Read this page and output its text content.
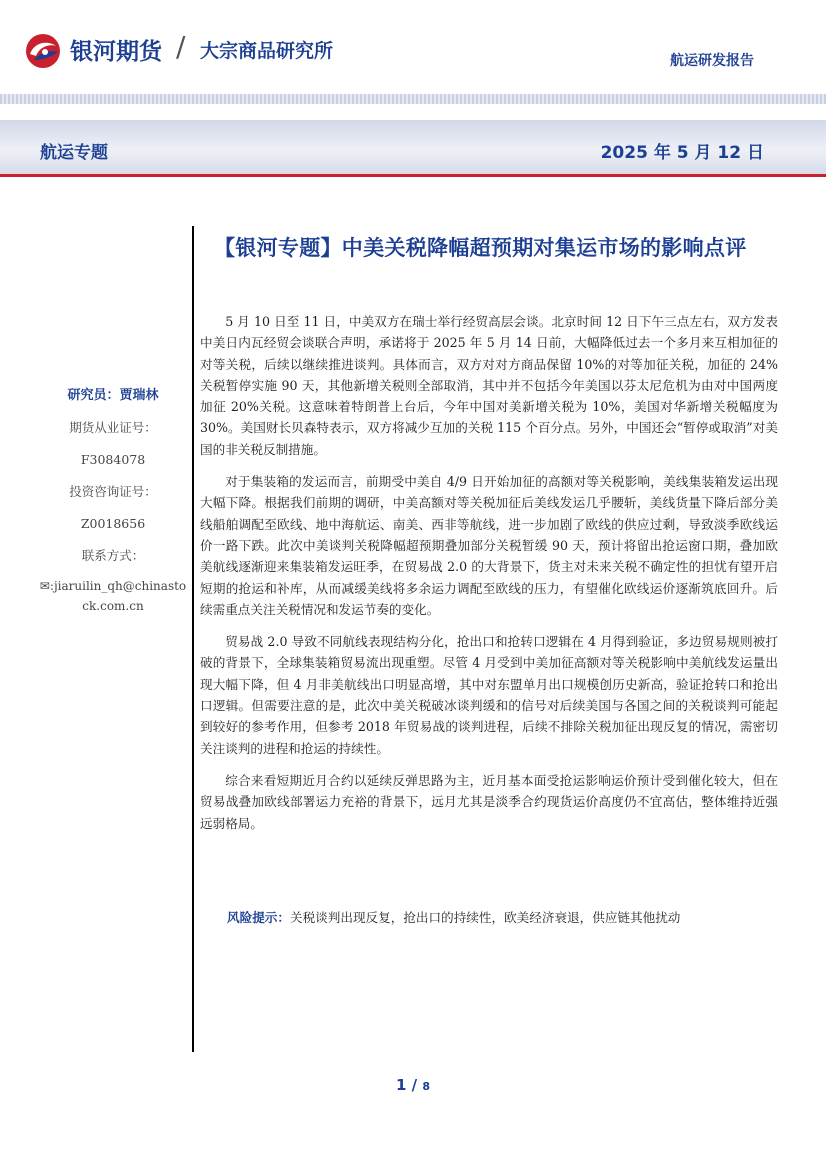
银河期货 / 大宗商品研究所	航运研发报告
航运专题	2025 年 5 月 12 日
【银河专题】中美关税降幅超预期对集运市场的影响点评
研究员：贾瑞林
期货从业证号：
F3084078
投资咨询证号：
Z0018656
联系方式：
✉:jiaruilin_qh@chinastock.com.cn

5 月 10 日至 11 日，中美双方在瑞士举行经贸高层会谈。北京时间 12 日下午三点左右，双方发表中美日内瓦经贸会谈联合声明，承诺将于 2025 年 5 月 14 日前，大幅降低过去一个多月来互相加征的对等关税，后续以继续推进谈判。具体而言，双方对对方商品保留 10%的对等加征关税，加征的 24%关税暂停实施 90 天，其他新增关税则全部取消，其中并不包括今年美国以芬太尼危机为由对中国两度加征 20%关税。这意味着特朗普上台后，今年中国对美新增关税为 10%，美国对华新增关税幅度为 30%。美国财长贝森特表示，双方将减少互加的关税 115 个百分点。另外，中国还会“暂停或取消”对美国的非关税反制措施。

对于集装箱的发运而言，前期受中美自 4/9 日开始加征的高额对等关税影响，美线集装箱发运出现大幅下降。根据我们前期的调研，中美高额对等关税加征后美线发运几乎腰斩，美线货量下降后部分美线船舶调配至欧线、地中海航运、南美、西非等航线，进一步加剧了欧线的供应过剩，导致淡季欧线运价一路下跌。此次中美谈判关税降幅超预期叠加部分关税暂缓 90 天，预计将留出抢运窗口期，叠加欧美航线逐渐迎来集装箱发运旺季，在贸易战 2.0 的大背景下，货主对未来关税不确定性的担忧有望开启短期的抢运和补库，从而减缓美线将多余运力调配至欧线的压力，有望催化欧线运价逐渐筑底回升。后续需重点关注关税情况和发运节奏的变化。

贸易战 2.0 导致不同航线表现结构分化，抢出口和抢转口逻辑在 4 月得到验证，多边贸易规则被打破的背景下，全球集装箱贸易流出现重塑。尽管 4 月受到中美加征高额对等关税影响中美航线发运量出现大幅下降，但 4 月非美航线出口明显高增，其中对东盟单月出口规模创历史新高，验证抢转口和抢出口逻辑。但需要注意的是，此次中美关税破冰谈判缓和的信号对后续美国与各国之间的关税谈判可能起到较好的参考作用，但参考 2018 年贸易战的谈判进程，后续不排除关税加征出现反复的情况，需密切关注谈判的进程和抢运的持续性。

综合来看短期近月合约以延续反弹思路为主，近月基本面受抢运影响运价预计受到催化较大，但在贸易战叠加欧线部署运力充裕的背景下，远月尤其是淡季合约现货运价高度仍不宜高估，整体维持近强远弱格局。

风险提示：关税谈判出现反复，抢出口的持续性，欧美经济衰退，供应链其他扰动
1 / 8
